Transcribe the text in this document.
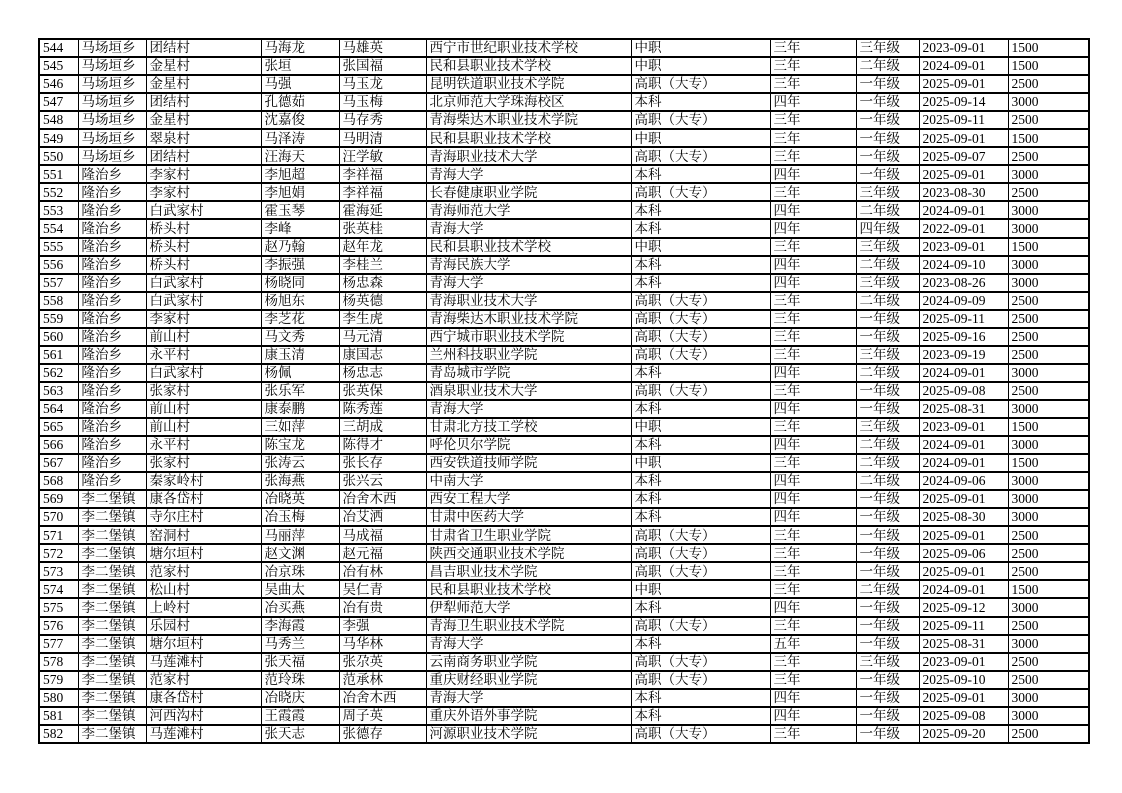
544	马场垣乡	团结村	马海龙	马雄英	西宁市世纪职业技术学校	中职	三年	三年级	2023-09-01	1500
545	马场垣乡	金星村	张垣	张国福	民和县职业技术学校	中职	三年	二年级	2024-09-01	1500
546	马场垣乡	金星村	马强	马玉龙	昆明铁道职业技术学院	高职（大专）	三年	一年级	2025-09-01	2500
547	马场垣乡	团结村	孔德茹	马玉梅	北京师范大学珠海校区	本科	四年	一年级	2025-09-14	3000
548	马场垣乡	金星村	沈嘉俊	马存秀	青海柴达木职业技术学院	高职（大专）	三年	一年级	2025-09-11	2500
549	马场垣乡	翠泉村	马泽涛	马明清	民和县职业技术学校	中职	三年	一年级	2025-09-01	1500
550	马场垣乡	团结村	汪海天	汪学敏	青海职业技术大学	高职（大专）	三年	一年级	2025-09-07	2500
551	隆治乡	李家村	李旭超	李祥福	青海大学	本科	四年	一年级	2025-09-01	3000
552	隆治乡	李家村	李旭娟	李祥福	长春健康职业学院	高职（大专）	三年	三年级	2023-08-30	2500
553	隆治乡	白武家村	霍玉琴	霍海延	青海师范大学	本科	四年	二年级	2024-09-01	3000
554	隆治乡	桥头村	李峰	张英桂	青海大学	本科	四年	四年级	2022-09-01	3000
555	隆治乡	桥头村	赵乃翰	赵年龙	民和县职业技术学校	中职	三年	三年级	2023-09-01	1500
556	隆治乡	桥头村	李振强	李桂兰	青海民族大学	本科	四年	二年级	2024-09-10	3000
557	隆治乡	白武家村	杨晓同	杨忠森	青海大学	本科	四年	三年级	2023-08-26	3000
558	隆治乡	白武家村	杨旭东	杨英德	青海职业技术大学	高职（大专）	三年	二年级	2024-09-09	2500
559	隆治乡	李家村	李芝花	李生虎	青海柴达木职业技术学院	高职（大专）	三年	一年级	2025-09-11	2500
560	隆治乡	前山村	马文秀	马元清	西宁城市职业技术学院	高职（大专）	三年	一年级	2025-09-16	2500
561	隆治乡	永平村	康玉清	康国志	兰州科技职业学院	高职（大专）	三年	三年级	2023-09-19	2500
562	隆治乡	白武家村	杨佩	杨忠志	青岛城市学院	本科	四年	二年级	2024-09-01	3000
563	隆治乡	张家村	张乐军	张英保	酒泉职业技术大学	高职（大专）	三年	一年级	2025-09-08	2500
564	隆治乡	前山村	康泰鹏	陈秀莲	青海大学	本科	四年	一年级	2025-08-31	3000
565	隆治乡	前山村	三如萍	三胡成	甘肃北方技工学校	中职	三年	三年级	2023-09-01	1500
566	隆治乡	永平村	陈宝龙	陈得才	呼伦贝尔学院	本科	四年	二年级	2024-09-01	3000
567	隆治乡	张家村	张涛云	张长存	西安铁道技师学院	中职	三年	二年级	2024-09-01	1500
568	隆治乡	秦家岭村	张海燕	张兴云	中南大学	本科	四年	二年级	2024-09-06	3000
569	李二堡镇	康各岱村	冶晓英	冶舍木西	西安工程大学	本科	四年	一年级	2025-09-01	3000
570	李二堡镇	寺尔庄村	冶玉梅	冶艾洒	甘肃中医药大学	本科	四年	一年级	2025-08-30	3000
571	李二堡镇	窑洞村	马丽萍	马成福	甘肃省卫生职业学院	高职（大专）	三年	一年级	2025-09-01	2500
572	李二堡镇	塘尔垣村	赵文渊	赵元福	陕西交通职业技术学院	高职（大专）	三年	一年级	2025-09-06	2500
573	李二堡镇	范家村	冶京珠	冶有林	昌吉职业技术学院	高职（大专）	三年	一年级	2025-09-01	2500
574	李二堡镇	松山村	吴曲太	吴仁青	民和县职业技术学校	中职	三年	二年级	2024-09-01	1500
575	李二堡镇	上岭村	冶买燕	冶有贵	伊犁师范大学	本科	四年	一年级	2025-09-12	3000
576	李二堡镇	乐园村	李海霞	李强	青海卫生职业技术学院	高职（大专）	三年	一年级	2025-09-11	2500
577	李二堡镇	塘尔垣村	马秀兰	马华林	青海大学	本科	五年	一年级	2025-08-31	3000
578	李二堡镇	马莲滩村	张天福	张尕英	云南商务职业学院	高职（大专）	三年	三年级	2023-09-01	2500
579	李二堡镇	范家村	范玲珠	范承林	重庆财经职业学院	高职（大专）	三年	一年级	2025-09-10	2500
580	李二堡镇	康各岱村	冶晓庆	冶舍木西	青海大学	本科	四年	一年级	2025-09-01	3000
581	李二堡镇	河西沟村	王霞霞	周子英	重庆外语外事学院	本科	四年	一年级	2025-09-08	3000
582	李二堡镇	马莲滩村	张天志	张德存	河源职业技术学院	高职（大专）	三年	一年级	2025-09-20	2500
